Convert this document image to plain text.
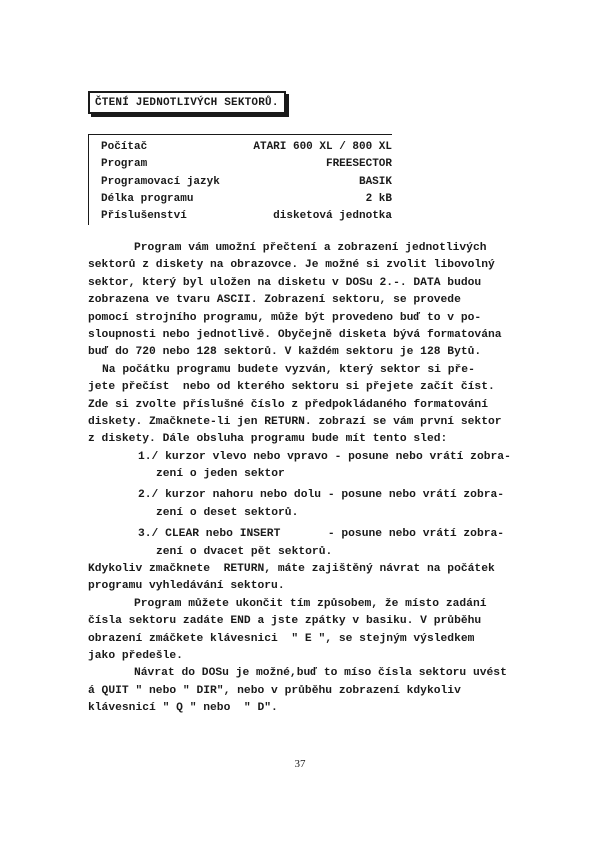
ČTENÍ JEDNOTLIVÝCH SEKTORŮ.
Počítač	ATARI 600 XL / 800 XL
Program	FREESECTOR
Programovací jazyk	BASIK
Délka programu	2 kB
Příslušenství	disketová jednotka
Program vám umožní přečtení a zobrazení jednotlivých
sektorů z diskety na obrazovce. Je možné si zvolit libovolný
sektor, který byl uložen na disketu v DOSu 2.-. DATA budou
zobrazena ve tvaru ASCII. Zobrazení sektoru, se provede
pomocí strojního programu, může být provedeno buď to v po-
sloupnosti nebo jednotlivě. Obyčejně disketa bývá formatována
buď do 720 nebo 128 sektorů. V každém sektoru je 128 Bytů.
Na počátku programu budete vyzván, který sektor si pře-
jete přečíst  nebo od kterého sektoru si přejete začít číst.
Zde si zvolte příslušné číslo z předpokládaného formatování
diskety. Zmačknete-li jen RETURN. zobrazí se vám první sektor
z diskety. Dále obsluha programu bude mít tento sled:
1./ kurzor vlevo nebo vpravo - posune nebo vrátí zobra-
zení o jeden sektor
2./ kurzor nahoru nebo dolu - posune nebo vrátí zobra-
zení o deset sektorů.
3./ CLEAR nebo INSERT       - posune nebo vrátí zobra-
zení o dvacet pět sektorů.
Kdykoliv zmačknete  RETURN, máte zajištěný návrat na počátek
programu vyhledávání sektoru.
Program můžete ukončit tím způsobem, že místo zadání
čísla sektoru zadáte END a jste zpátky v basiku. V průběhu
obrazení zmáčkete klávesnici  " E ", se stejným výsledkem
jako předešle.
Návrat do DOSu je možné,buď to míso čísla sektoru uvést
á QUIT " nebo " DIR", nebo v průběhu zobrazení kdykoliv
klávesnicí " Q " nebo  " D".
37
